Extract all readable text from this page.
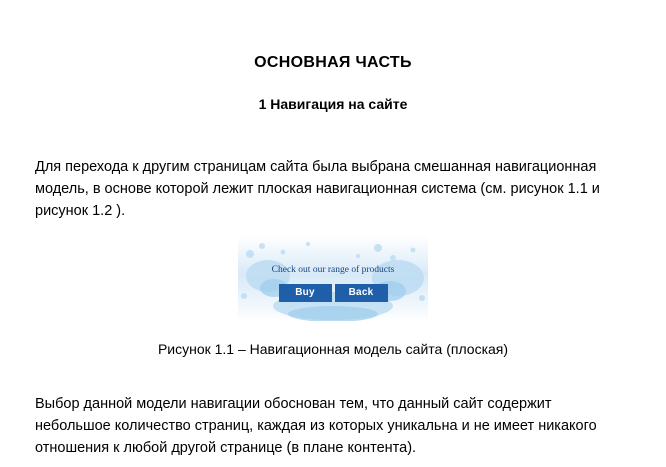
ОСНОВНАЯ ЧАСТЬ
1 Навигация на сайте

Для перехода к другим страницам сайта была выбрана смешанная навигационная модель, в основе которой лежит плоская навигационная система (см. рисунок 1.1 и рисунок 1.2 ).

Check out our range of products
Buy	Back

Рисунок 1.1 – Навигационная модель сайта (плоская)

Выбор данной модели навигации обоснован тем, что данный сайт содержит небольшое количество страниц, каждая из которых уникальна и не имеет никакого отношения к любой другой странице (в плане контента).
